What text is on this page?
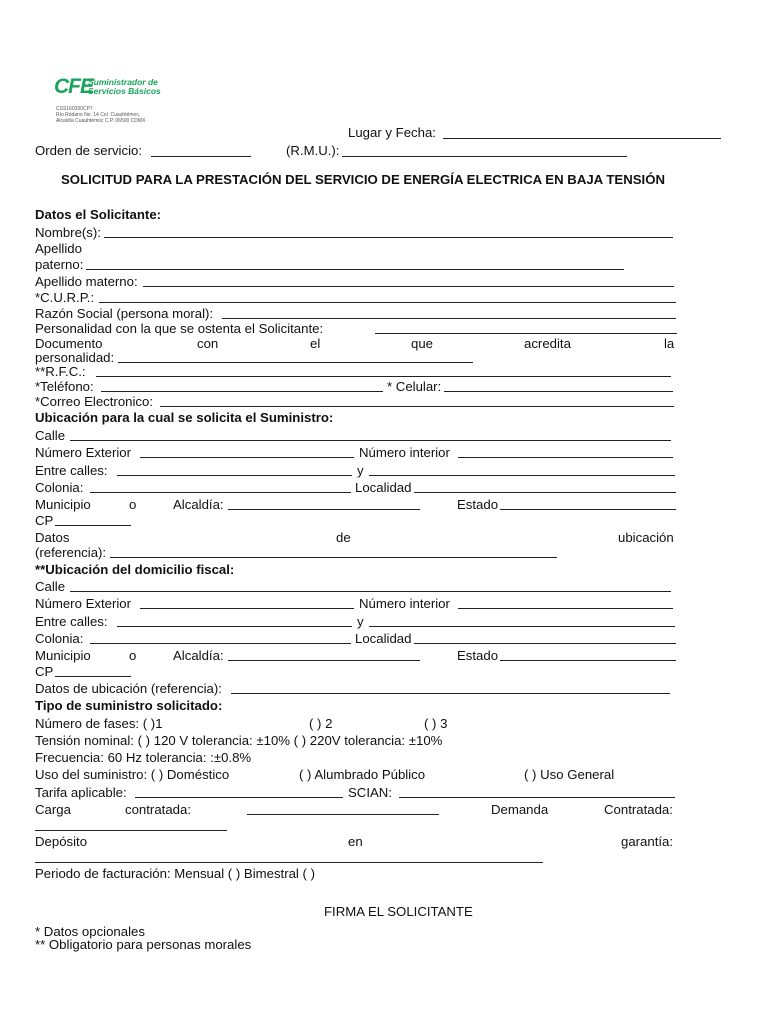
CFE
Suministrador de
Servicios Básicos
CSS160330CP7
Río Ródano No. 14 Col. Cuauhtémoc,
Alcaldía Cuauhtémoc C.P. 06500 CDMX
Lugar y Fecha:
Orden de servicio:	(R.M.U.):
SOLICITUD PARA LA PRESTACIÓN DEL SERVICIO DE ENERGÍA ELECTRICA EN BAJA TENSIÓN
Datos el Solicitante:
Nombre(s):
Apellido
paterno:
Apellido materno:
*C.U.R.P.:
Razón Social (persona moral):
Personalidad con la que se ostenta el Solicitante:
Documento	con	el	que	acredita	la
personalidad:
**R.F.C.:
*Teléfono:	* Celular:
*Correo Electronico:
Ubicación para la cual se solicita el Suministro:
Calle
Número Exterior	Número interior
Entre calles:	y
Colonia:	Localidad
Municipio	o	Alcaldía:	Estado
CP
Datos	de	ubicación
(referencia):
**Ubicación del domicilio fiscal:
Calle
Número Exterior	Número interior
Entre calles:	y
Colonia:	Localidad
Municipio	o	Alcaldía:	Estado
CP
Datos de ubicación (referencia):
Tipo de suministro solicitado:
Número de fases: ( )1	( ) 2	( ) 3
Tensión nominal: ( ) 120 V tolerancia: ±10% ( ) 220V tolerancia: ±10%
Frecuencia: 60 Hz tolerancia: :±0.8%
Uso del suministro: ( ) Doméstico	( ) Alumbrado Público	( ) Uso General
Tarifa aplicable:	SCIAN:
Carga	contratada:	Demanda	Contratada:
Depósito	en	garantía:
Periodo de facturación: Mensual ( ) Bimestral ( )
FIRMA EL SOLICITANTE
* Datos opcionales
** Obligatorio para personas morales
